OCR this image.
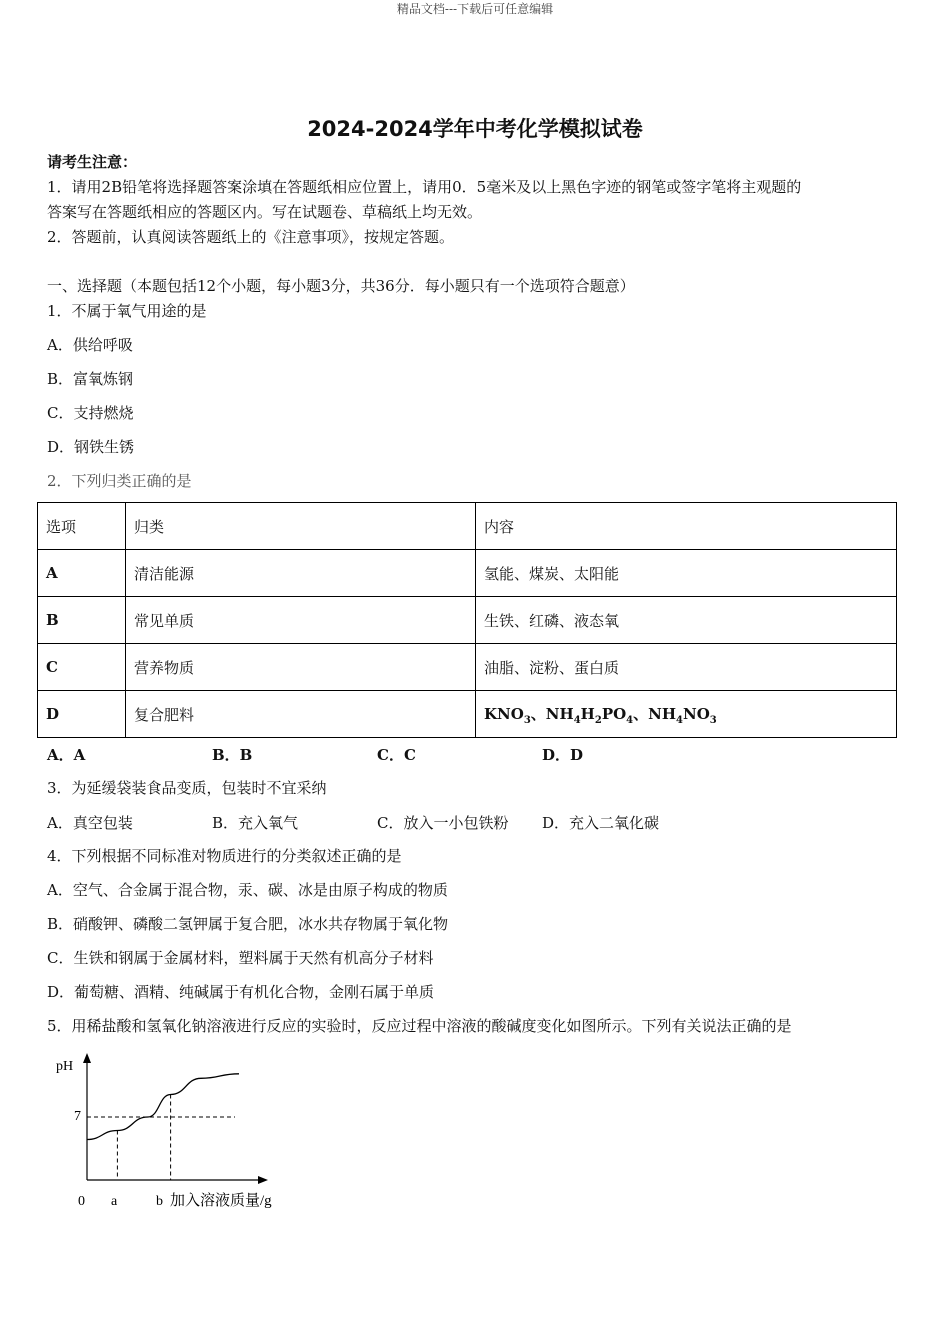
精品文档---下载后可任意编辑
2024-2024学年中考化学模拟试卷
请考生注意：
1．请用2B铅笔将选择题答案涂填在答题纸相应位置上，请用0．5毫米及以上黑色字迹的钢笔或签字笔将主观题的
答案写在答题纸相应的答题区内。写在试题卷、草稿纸上均无效。
2．答题前，认真阅读答题纸上的《注意事项》，按规定答题。
一、选择题（本题包括12个小题，每小题3分，共36分．每小题只有一个选项符合题意）
1．不属于氧气用途的是
A．供给呼吸
B．富氧炼钢
C．支持燃烧
D．钢铁生锈
2．下列归类正确的是
选项	归类	内容
A	清洁能源	氢能、煤炭、太阳能
B	常见单质	生铁、红磷、液态氧
C	营养物质	油脂、淀粉、蛋白质
D	复合肥料	$KNO_3$、$NH_4H_2PO_4$、$NH_4NO_3$
A．A	B．B	C．C	D．D
3．为延缓袋装食品变质，包装时不宜采纳
A．真空包装	B．充入氧气	C．放入一小包铁粉 D．充入二氧化碳
4．下列根据不同标准对物质进行的分类叙述正确的是
A．空气、合金属于混合物，汞、碳、冰是由原子构成的物质
B．硝酸钾、磷酸二氢钾属于复合肥，冰水共存物属于氧化物
C．生铁和钢属于金属材料，塑料属于天然有机高分子材料
D．葡萄糖、酒精、纯碱属于有机化合物，金刚石属于单质
5．用稀盐酸和氢氧化钠溶液进行反应的实验时，反应过程中溶液的酸碱度变化如图所示。下列有关说法正确的是
pH
7
0 a	b 加入溶液质量/g
